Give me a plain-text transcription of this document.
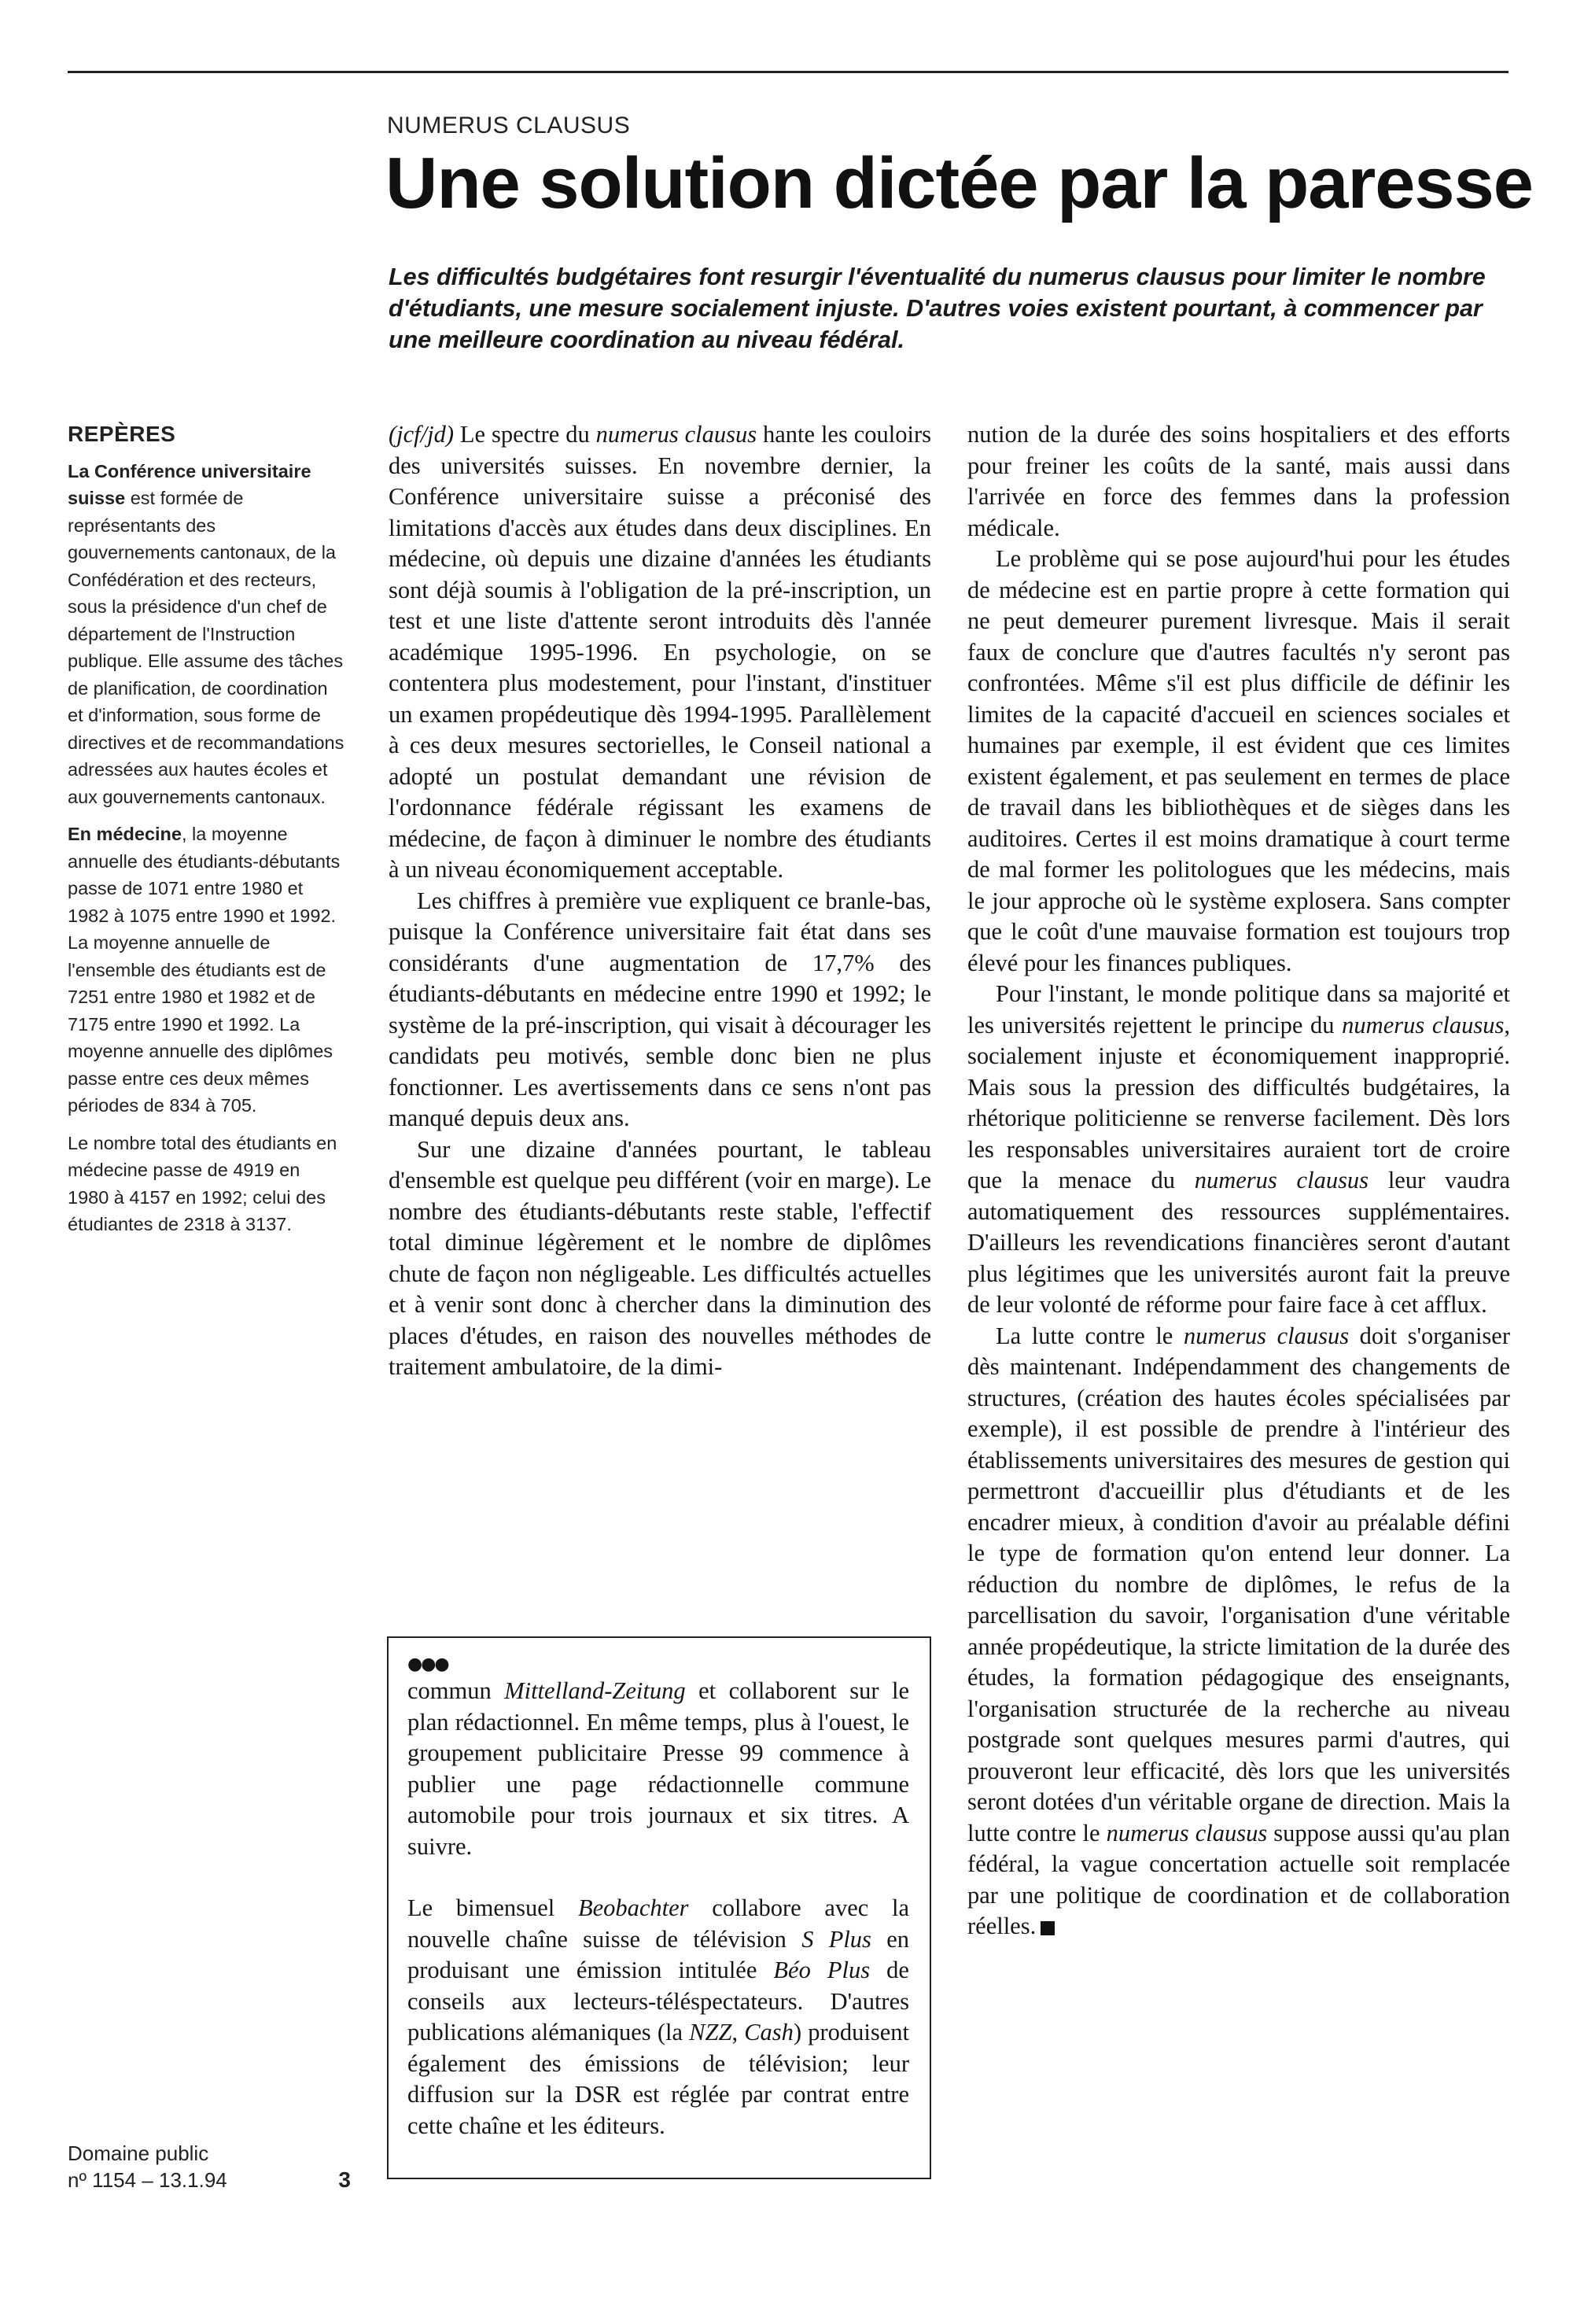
NUMERUS CLAUSUS
Une solution dictée par la paresse

Les difficultés budgétaires font resurgir l'éventualité du numerus clausus pour limiter le nombre d'étudiants, une mesure socialement injuste. D'autres voies existent pourtant, à commencer par une meilleure coordination au niveau fédéral.

REPÈRES

La Conférence universitaire suisse est formée de représentants des gouvernements cantonaux, de la Confédération et des recteurs, sous la présidence d'un chef de département de l'Instruction publique. Elle assume des tâches de planification, de coordination et d'information, sous forme de directives et de recommandations adressées aux hautes écoles et aux gouvernements cantonaux.

En médecine, la moyenne annuelle des étudiants-débutants passe de 1071 entre 1980 et 1982 à 1075 entre 1990 et 1992. La moyenne annuelle de l'ensemble des étudiants est de 7251 entre 1980 et 1982 et de 7175 entre 1990 et 1992. La moyenne annuelle des diplômes passe entre ces deux mêmes périodes de 834 à 705.

Le nombre total des étudiants en médecine passe de 4919 en 1980 à 4157 en 1992; celui des étudiantes de 2318 à 3137.

(jcf/jd) Le spectre du numerus clausus hante les couloirs des universités suisses. En novembre dernier, la Conférence universitaire suisse a préconisé des limitations d'accès aux études dans deux disciplines. En médecine, où depuis une dizaine d'années les étudiants sont déjà soumis à l'obligation de la pré-inscription, un test et une liste d'attente seront introduits dès l'année académique 1995-1996. En psychologie, on se contentera plus modestement, pour l'instant, d'instituer un examen propédeutique dès 1994-1995. Parallèlement à ces deux mesures sectorielles, le Conseil national a adopté un postulat demandant une révision de l'ordonnance fédérale régissant les examens de médecine, de façon à diminuer le nombre des étudiants à un niveau économiquement acceptable.

Les chiffres à première vue expliquent ce branle-bas, puisque la Conférence universitaire fait état dans ses considérants d'une augmentation de 17,7% des étudiants-débutants en médecine entre 1990 et 1992; le système de la pré-inscription, qui visait à décourager les candidats peu motivés, semble donc bien ne plus fonctionner. Les avertissements dans ce sens n'ont pas manqué depuis deux ans.

Sur une dizaine d'années pourtant, le tableau d'ensemble est quelque peu différent (voir en marge). Le nombre des étudiants-débutants reste stable, l'effectif total diminue légèrement et le nombre de diplômes chute de façon non négligeable. Les difficultés actuelles et à venir sont donc à chercher dans la diminution des places d'études, en raison des nouvelles méthodes de traitement ambulatoire, de la dimi-

nution de la durée des soins hospitaliers et des efforts pour freiner les coûts de la santé, mais aussi dans l'arrivée en force des femmes dans la profession médicale.

Le problème qui se pose aujourd'hui pour les études de médecine est en partie propre à cette formation qui ne peut demeurer purement livresque. Mais il serait faux de conclure que d'autres facultés n'y seront pas confrontées. Même s'il est plus difficile de définir les limites de la capacité d'accueil en sciences sociales et humaines par exemple, il est évident que ces limites existent également, et pas seulement en termes de place de travail dans les bibliothèques et de sièges dans les auditoires. Certes il est moins dramatique à court terme de mal former les politologues que les médecins, mais le jour approche où le système explosera. Sans compter que le coût d'une mauvaise formation est toujours trop élevé pour les finances publiques.

Pour l'instant, le monde politique dans sa majorité et les universités rejettent le principe du numerus clausus, socialement injuste et économiquement inapproprié. Mais sous la pression des difficultés budgétaires, la rhétorique politicienne se renverse facilement. Dès lors les responsables universitaires auraient tort de croire que la menace du numerus clausus leur vaudra automatiquement des ressources supplémentaires. D'ailleurs les revendications financières seront d'autant plus légitimes que les universités auront fait la preuve de leur volonté de réforme pour faire face à cet afflux.

La lutte contre le numerus clausus doit s'organiser dès maintenant. Indépendamment des changements de structures, (création des hautes écoles spécialisées par exemple), il est possible de prendre à l'intérieur des établissements universitaires des mesures de gestion qui permettront d'accueillir plus d'étudiants et de les encadrer mieux, à condition d'avoir au préalable défini le type de formation qu'on entend leur donner. La réduction du nombre de diplômes, le refus de la parcellisation du savoir, l'organisation d'une véritable année propédeutique, la stricte limitation de la durée des études, la formation pédagogique des enseignants, l'organisation structurée de la recherche au niveau postgrade sont quelques mesures parmi d'autres, qui prouveront leur efficacité, dès lors que les universités seront dotées d'un véritable organe de direction. Mais la lutte contre le numerus clausus suppose aussi qu'au plan fédéral, la vague concertation actuelle soit remplacée par une politique de coordination et de collaboration réelles.

●●●

commun Mittelland-Zeitung et collaborent sur le plan rédactionnel. En même temps, plus à l'ouest, le groupement publicitaire Presse 99 commence à publier une page rédactionnelle commune automobile pour trois journaux et six titres. A suivre.

Le bimensuel Beobachter collabore avec la nouvelle chaîne suisse de télévision S Plus en produisant une émission intitulée Béo Plus de conseils aux lecteurs-téléspectateurs. D'autres publications alémaniques (la NZZ, Cash) produisent également des émissions de télévision; leur diffusion sur la DSR est réglée par contrat entre cette chaîne et les éditeurs.

Domaine public
nº 1154 – 13.1.94	3
